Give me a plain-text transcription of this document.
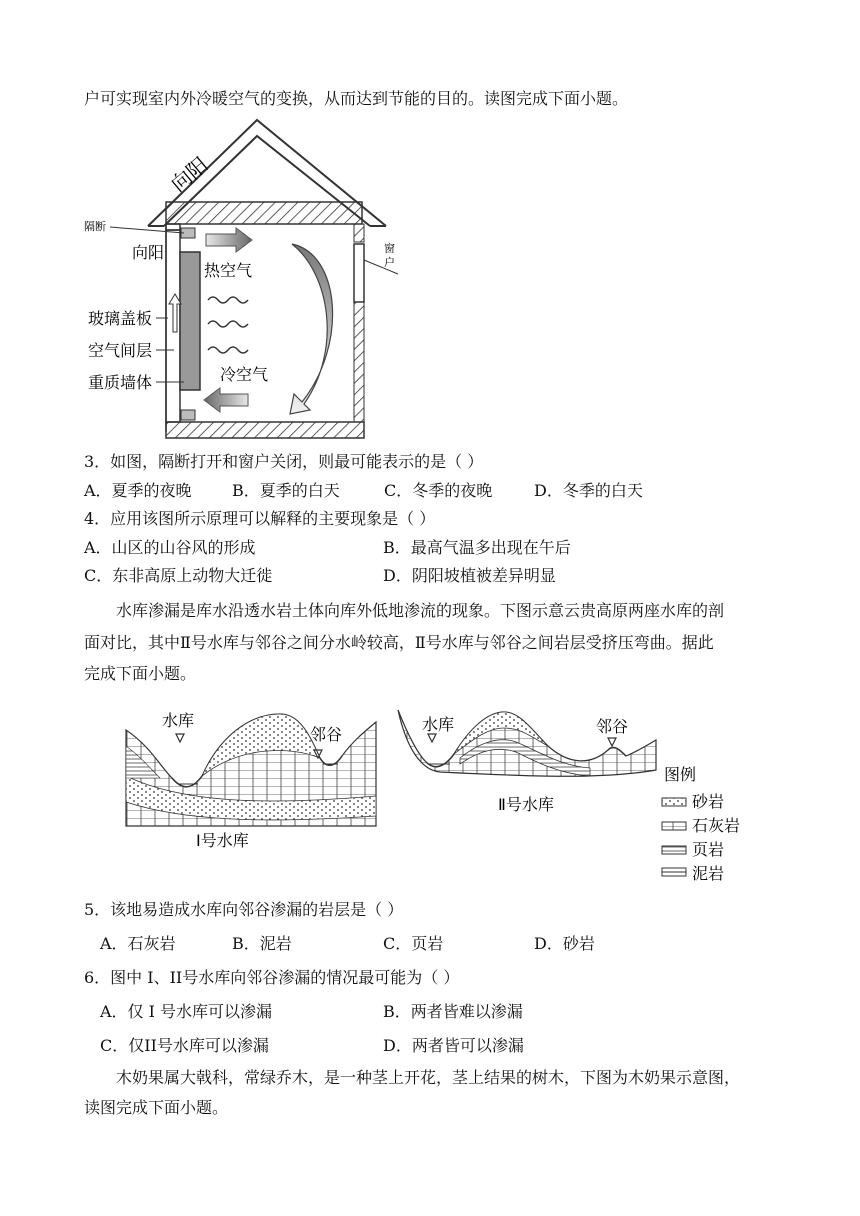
户可实现室内外冷暖空气的变换，从而达到节能的目的。读图完成下面小题。
向阳
隔断
向阳
热空气
冷空气
玻璃盖板
空气间层
重质墙体
窗
户
3．如图，隔断打开和窗户关闭，则最可能表示的是（ ）
A．夏季的夜晚	B．夏季的白天	C．冬季的夜晚	D．冬季的白天
4．应用该图所示原理可以解释的主要现象是（ ）
A．山区的山谷风的形成	B．最高气温多出现在午后
C．东非高原上动物大迁徙	D．阴阳坡植被差异明显
水库渗漏是库水沿透水岩土体向库外低地渗流的现象。下图示意云贵高原两座水库的剖
面对比，其中Ⅱ号水库与邻谷之间分水岭较高，Ⅱ号水库与邻谷之间岩层受挤压弯曲。据此
完成下面小题。
水库
邻谷
Ⅰ号水库
水库	邻谷
Ⅱ号水库
图例
砂岩
石灰岩
页岩
泥岩
5．该地易造成水库向邻谷渗漏的岩层是（ ）
A．石灰岩	B．泥岩	C．页岩	D．砂岩
6．图中 I、II号水库向邻谷渗漏的情况最可能为（ ）
A．仅 I 号水库可以渗漏	B．两者皆难以渗漏
C．仅II号水库可以渗漏	D．两者皆可以渗漏
木奶果属大戟科，常绿乔木，是一种茎上开花，茎上结果的树木，下图为木奶果示意图，
读图完成下面小题。
